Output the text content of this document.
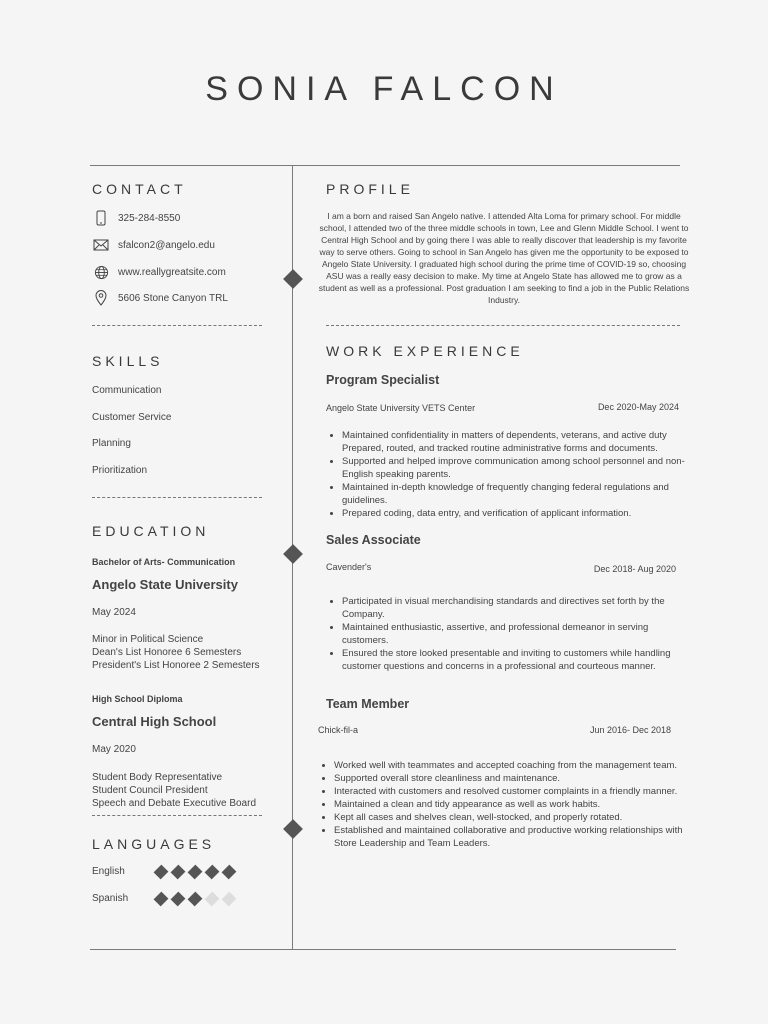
SONIA FALCON
CONTACT
325-284-8550
sfalcon2@angelo.edu
www.reallygreatsite.com
5606 Stone Canyon TRL
SKILLS
Communication
Customer Service
Planning
Prioritization
EDUCATION
Bachelor of Arts- Communication
Angelo State University
May 2024
Minor in Political Science
Dean's List Honoree 6 Semesters
President's List Honoree 2 Semesters
High School Diploma
Central High School
May 2020
Student Body Representative
Student Council President
Speech and Debate Executive Board
LANGUAGES
English
Spanish
PROFILE
I am a born and raised San Angelo native. I attended Alta Loma for primary school. For middle school, I attended two of the three middle schools in town, Lee and Glenn Middle School. I went to Central High School and by going there I was able to really discover that leadership is my favorite way to serve others. Going to school in San Angelo has given me the opportunity to be exposed to Angelo State University. I graduated high school during the prime time of COVID-19 so, choosing ASU was a really easy decision to make. My time at Angelo State has allowed me to grow as a student as well as a professional. Post graduation I am seeking to find a job in the Public Relations Industry.
WORK EXPERIENCE
Program Specialist
Angelo State University VETS Center	Dec 2020-May 2024
• Maintained confidentiality in matters of dependents, veterans, and active duty Prepared, routed, and tracked routine administrative forms and documents.
• Supported and helped improve communication among school personnel and non-English speaking parents.
• Maintained in-depth knowledge of frequently changing federal regulations and guidelines.
• Prepared coding, data entry, and verification of applicant information.
Sales Associate
Cavender's	Dec 2018- Aug 2020
• Participated in visual merchandising standards and directives set forth by the Company.
• Maintained enthusiastic, assertive, and professional demeanor in serving customers.
• Ensured the store looked presentable and inviting to customers while handling customer questions and concerns in a professional and courteous manner.
Team Member
Chick-fil-a	Jun 2016- Dec 2018
• Worked well with teammates and accepted coaching from the management team.
• Supported overall store cleanliness and maintenance.
• Interacted with customers and resolved customer complaints in a friendly manner.
• Maintained a clean and tidy appearance as well as work habits.
• Kept all cases and shelves clean, well-stocked, and properly rotated.
• Established and maintained collaborative and productive working relationships with Store Leadership and Team Leaders.
